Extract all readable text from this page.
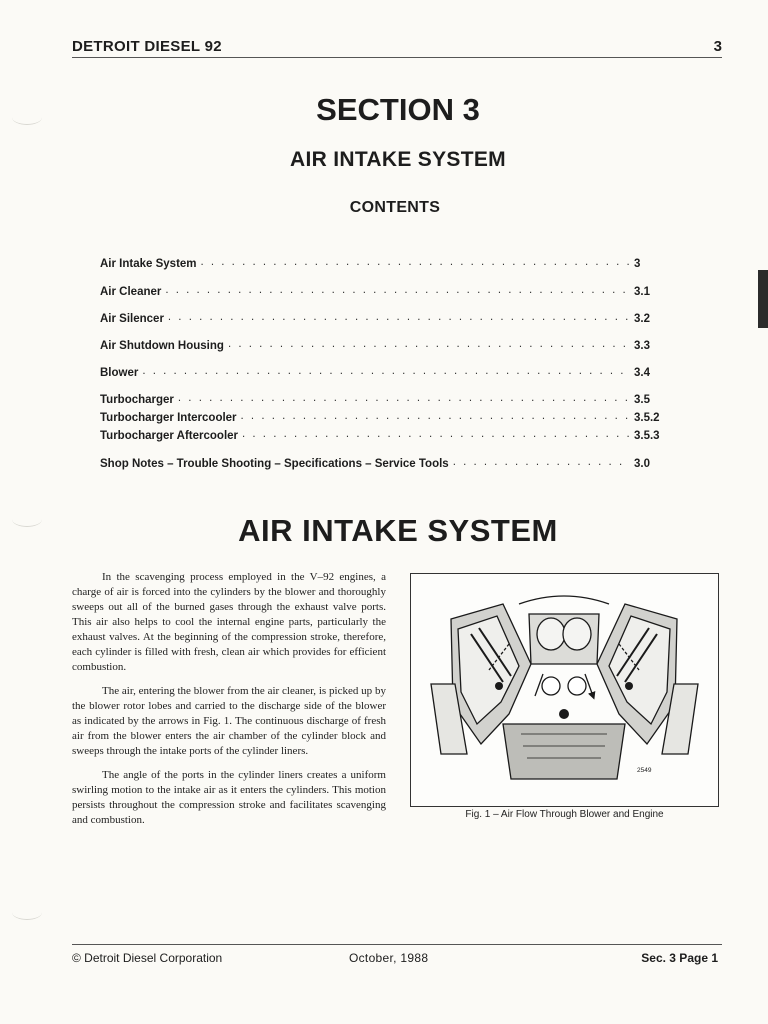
DETROIT DIESEL 92	3
SECTION 3
AIR INTAKE SYSTEM
CONTENTS
Air Intake System . . .	3
Air Cleaner . . .	3.1
Air Silencer . . .	3.2
Air Shutdown Housing . . .	3.3
Blower . . .	3.4
Turbocharger . . .	3.5
Turbocharger Intercooler . . .	3.5.2
Turbocharger Aftercooler . . .	3.5.3
Shop Notes – Trouble Shooting – Specifications – Service Tools . . .	3.0
AIR INTAKE SYSTEM

In the scavenging process employed in the V–92 engines, a charge of air is forced into the cylinders by the blower and thoroughly sweeps out all of the burned gases through the exhaust valve ports. This air also helps to cool the internal engine parts, particularly the exhaust valves. At the beginning of the compression stroke, therefore, each cylinder is filled with fresh, clean air which provides for efficient combustion.

The air, entering the blower from the air cleaner, is picked up by the blower rotor lobes and carried to the discharge side of the blower as indicated by the arrows in Fig. 1. The continuous discharge of fresh air from the blower enters the air chamber of the cylinder block and sweeps through the intake ports of the cylinder liners.

The angle of the ports in the cylinder liners creates a uniform swirling motion to the intake air as it enters the cylinders. This motion persists throughout the compression stroke and facilitates scavenging and combustion.

2549
Fig. 1 – Air Flow Through Blower and Engine
© Detroit Diesel Corporation	October, 1988	Sec. 3 Page 1
